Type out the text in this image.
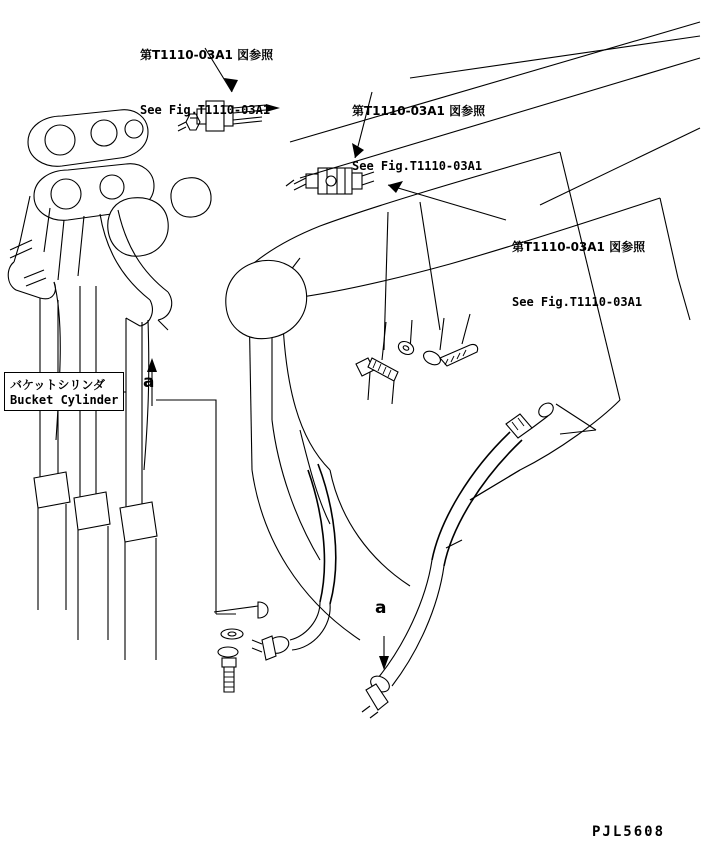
第T1110-03A1 図参照

See Fig.T1110-03A1

	第T1110-03A1 図参照

See Fig.T1110-03A1

第T1110-03A1 図参照

See Fig.T1110-03A1

バケットシリンダ
Bucket Cylinder
a
a
PJL5608
